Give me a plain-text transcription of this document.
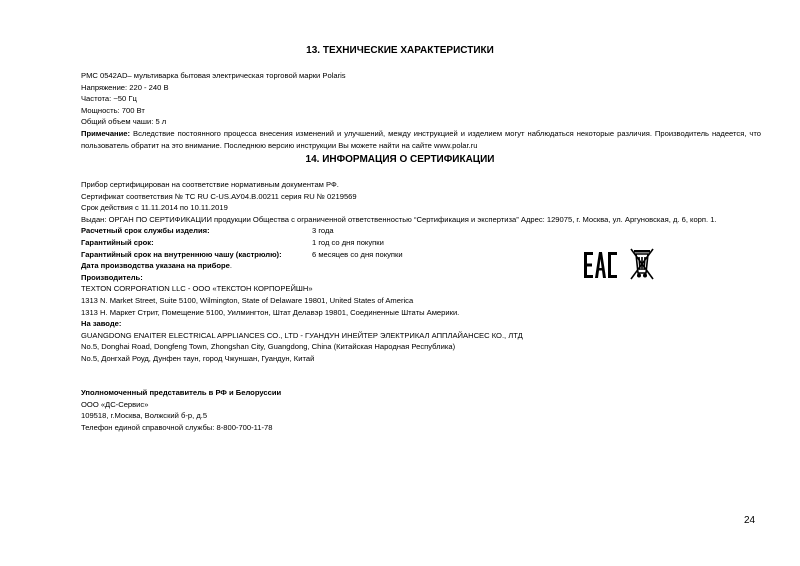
13. ТЕХНИЧЕСКИЕ ХАРАКТЕРИСТИКИ
PMC 0542AD– мультиварка бытовая электрическая торговой марки Polaris
Напряжение: 220 - 240 В
Частота: ~50 Гц
Мощность: 700 Вт
Общий объем чаши: 5 л
Примечание: Вследствие постоянного процесса внесения изменений и улучшений, между инструкцией и изделием могут наблюдаться некоторые различия. Производитель надеется, что пользователь обратит на это внимание. Последнюю версию инструкции Вы можете найти на сайте www.polar.ru
14. ИНФОРМАЦИЯ О СЕРТИФИКАЦИИ
Прибор сертифицирован на соответствие нормативным документам РФ.
Сертификат соответствия № ТС RU C-US.АУ04.В.00211 серия RU № 0219569
Срок действия с 11.11.2014 по 10.11.2019
Выдан: ОРГАН ПО СЕРТИФИКАЦИИ продукции Общества с ограниченной ответственностью “Сертификация и экспертиза” Адрес: 129075, г. Москва, ул. Аргуновская, д. 6, корп. 1.
Расчетный срок службы изделия:	3 года
Гарантийный срок:	1 год со дня покупки
Гарантийный срок на внутреннюю чашу (кастрюлю):	6 месяцев со дня покупки
Дата производства указана на приборе.
Производитель:
TEXTON CORPORATION LLC - ООО «ТЕКСТОН КОРПОРЕЙШН»
1313 N. Market Street, Suite 5100, Wilmington, State of Delaware 19801, United States of America
1313 Н. Маркет Стрит, Помещение 5100, Уилмингтон, Штат Делавэр 19801, Соединенные Штаты Америки.
На заводе:
GUANGDONG ENAITER ELECTRICAL APPLIANCES CO., LTD - ГУАНДУН ИНЕЙТЕР ЭЛЕКТРИКАЛ АППЛАЙАНСЕС КО., ЛТД
No.5, Donghai Road, Dongfeng Town, Zhongshan City, Guangdong, China (Китайская Народная Республика)
No.5, Донгхай Роуд, Дунфен таун, город Чжуншан, Гуандун, Китай
Уполномоченный представитель в РФ и Белоруссии
ООО «ДС-Сервис»
109518, г.Москва, Волжский б-р, д.5
Телефон единой справочной службы: 8-800-700-11-78
24
